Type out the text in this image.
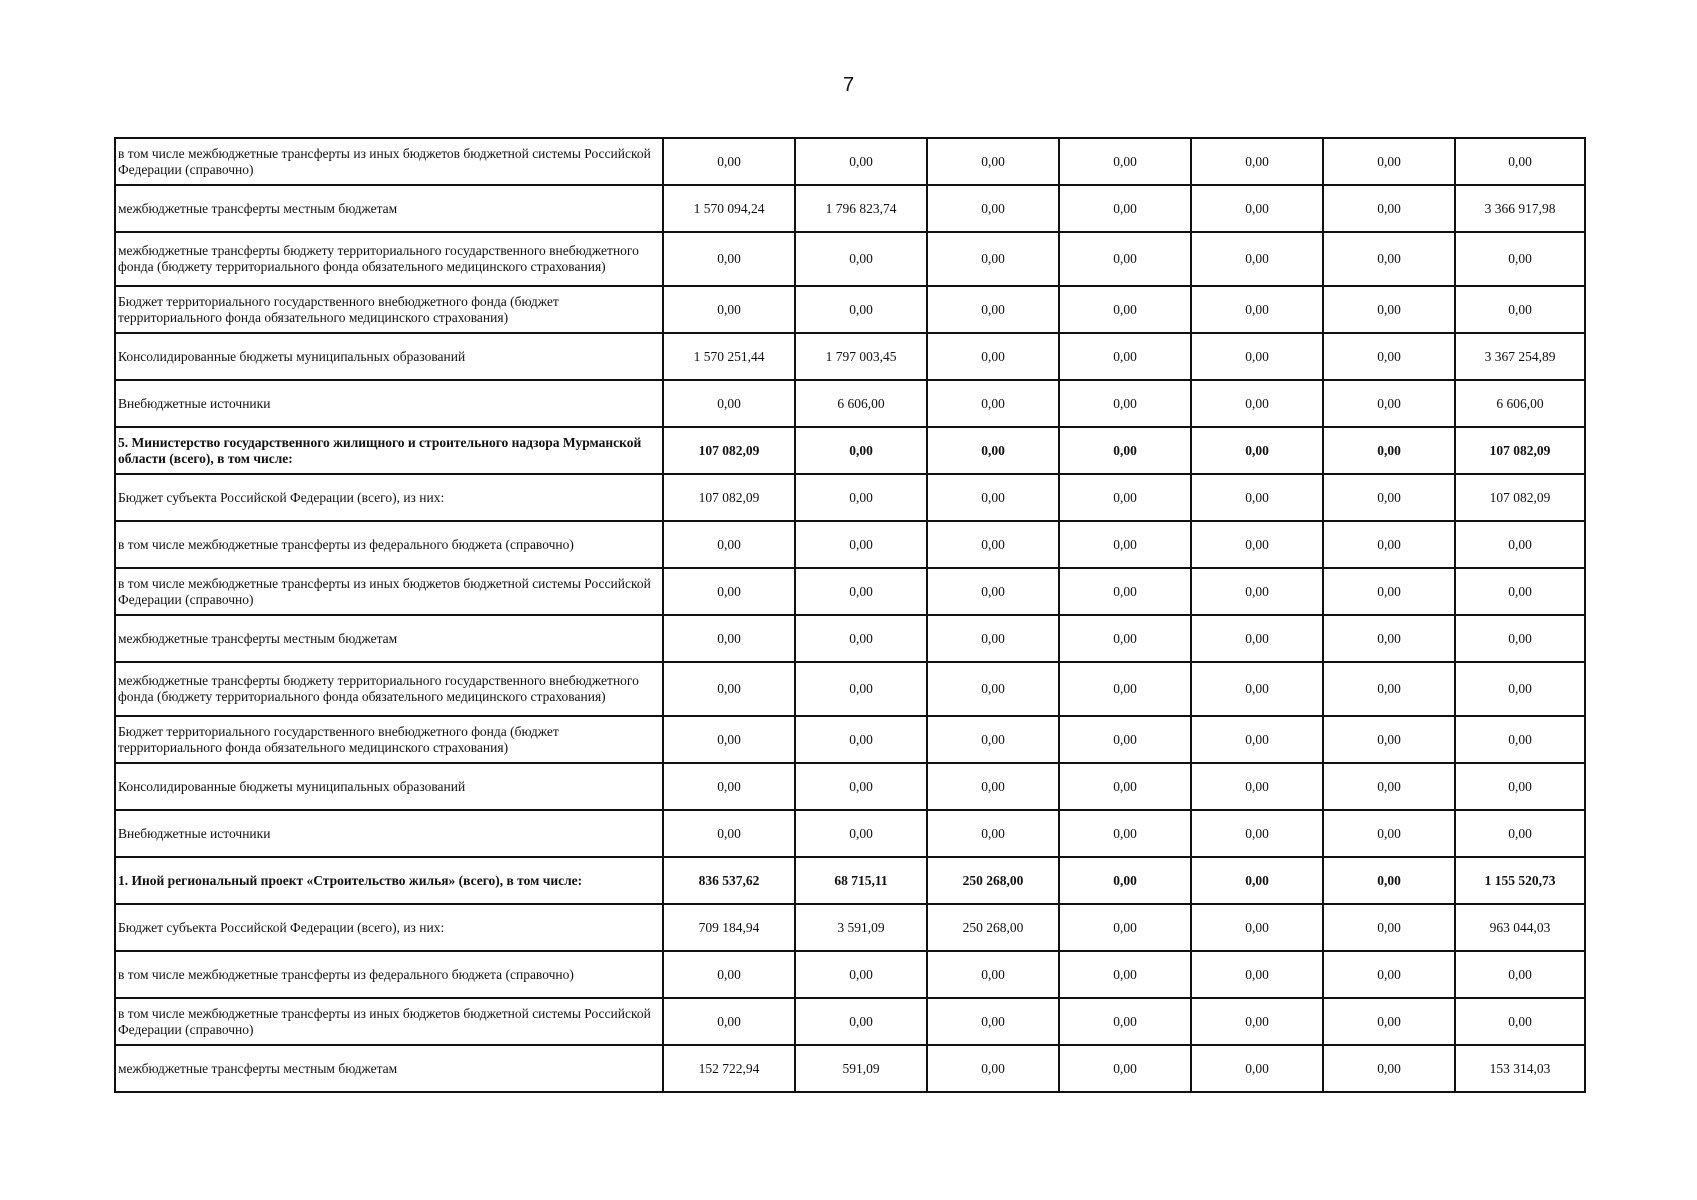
7
в том числе межбюджетные трансферты из иных бюджетов бюджетной системы Российской Федерации (справочно)	0,00	0,00	0,00	0,00	0,00	0,00	0,00
межбюджетные трансферты местным бюджетам	1 570 094,24	1 796 823,74	0,00	0,00	0,00	0,00	3 366 917,98
межбюджетные трансферты бюджету территориального государственного внебюджетного фонда (бюджету территориального фонда обязательного медицинского страхования)	0,00	0,00	0,00	0,00	0,00	0,00	0,00
Бюджет территориального государственного внебюджетного фонда (бюджет территориального фонда обязательного медицинского страхования)	0,00	0,00	0,00	0,00	0,00	0,00	0,00
Консолидированные бюджеты муниципальных образований	1 570 251,44	1 797 003,45	0,00	0,00	0,00	0,00	3 367 254,89
Внебюджетные источники	0,00	6 606,00	0,00	0,00	0,00	0,00	6 606,00
5. Министерство государственного жилищного и строительного надзора Мурманской области (всего), в том числе:	107 082,09	0,00	0,00	0,00	0,00	0,00	107 082,09
Бюджет субъекта Российской Федерации (всего), из них:	107 082,09	0,00	0,00	0,00	0,00	0,00	107 082,09
в том числе межбюджетные трансферты из федерального бюджета (справочно)	0,00	0,00	0,00	0,00	0,00	0,00	0,00
в том числе межбюджетные трансферты из иных бюджетов бюджетной системы Российской Федерации (справочно)	0,00	0,00	0,00	0,00	0,00	0,00	0,00
межбюджетные трансферты местным бюджетам	0,00	0,00	0,00	0,00	0,00	0,00	0,00
межбюджетные трансферты бюджету территориального государственного внебюджетного фонда (бюджету территориального фонда обязательного медицинского страхования)	0,00	0,00	0,00	0,00	0,00	0,00	0,00
Бюджет территориального государственного внебюджетного фонда (бюджет территориального фонда обязательного медицинского страхования)	0,00	0,00	0,00	0,00	0,00	0,00	0,00
Консолидированные бюджеты муниципальных образований	0,00	0,00	0,00	0,00	0,00	0,00	0,00
Внебюджетные источники	0,00	0,00	0,00	0,00	0,00	0,00	0,00
1. Иной региональный проект «Строительство жилья» (всего), в том числе:	836 537,62	68 715,11	250 268,00	0,00	0,00	0,00	1 155 520,73
Бюджет субъекта Российской Федерации (всего), из них:	709 184,94	3 591,09	250 268,00	0,00	0,00	0,00	963 044,03
в том числе межбюджетные трансферты из федерального бюджета (справочно)	0,00	0,00	0,00	0,00	0,00	0,00	0,00
в том числе межбюджетные трансферты из иных бюджетов бюджетной системы Российской Федерации (справочно)	0,00	0,00	0,00	0,00	0,00	0,00	0,00
межбюджетные трансферты местным бюджетам	152 722,94	591,09	0,00	0,00	0,00	0,00	153 314,03
